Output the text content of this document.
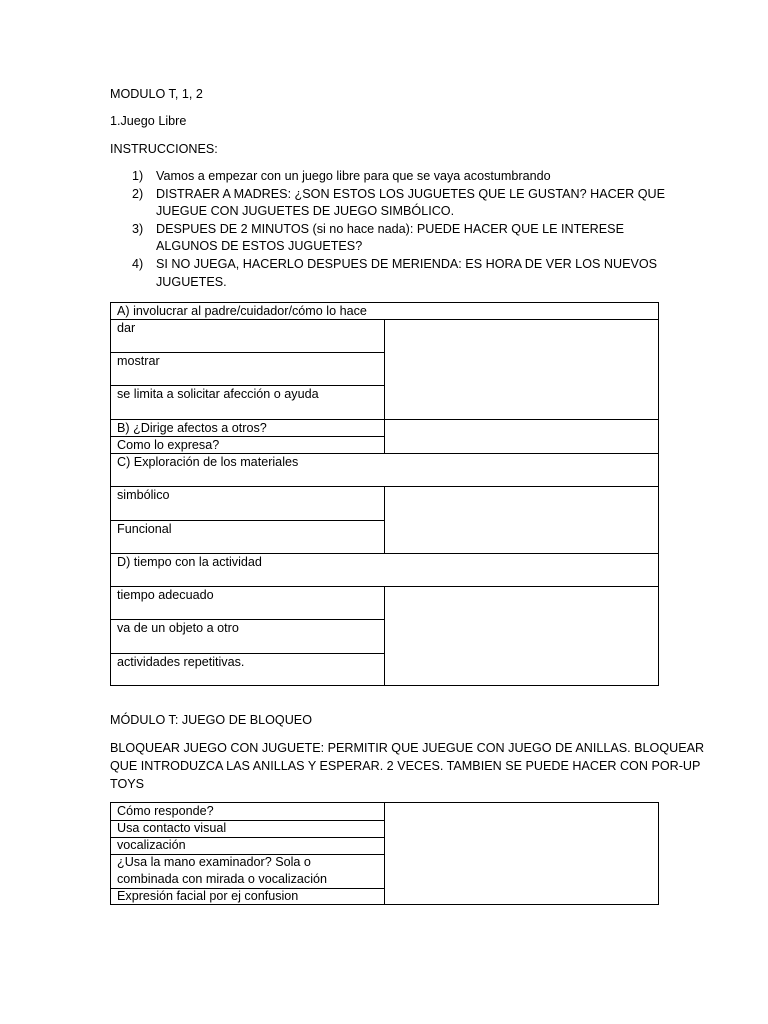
MODULO T, 1, 2
1.Juego Libre
INSTRUCCIONES:
1) Vamos a empezar con un juego libre para que se vaya acostumbrando
2) DISTRAER A MADRES: ¿SON ESTOS LOS JUGUETES QUE LE GUSTAN? HACER QUE JUEGUE CON JUGUETES DE JUEGO SIMBÓLICO.
3) DESPUES DE 2 MINUTOS (si no hace nada): PUEDE HACER QUE LE INTERESE ALGUNOS DE ESTOS JUGUETES?
4) SI NO JUEGA, HACERLO DESPUES DE MERIENDA: ES HORA DE VER LOS NUEVOS JUGUETES.
A) involucrar al padre/cuidador/cómo lo hace
dar
mostrar
se limita a solicitar afección o ayuda
B) ¿Dirige afectos a otros?
Como lo expresa?
C) Exploración de los materiales
simbólico
Funcional
D) tiempo con la actividad
tiempo adecuado
va de un objeto a otro
actividades repetitivas.
MÓDULO T: JUEGO DE BLOQUEO
BLOQUEAR JUEGO CON JUGUETE: PERMITIR QUE JUEGUE CON JUEGO DE ANILLAS. BLOQUEAR
QUE INTRODUZCA LAS ANILLAS Y ESPERAR. 2 VECES. TAMBIEN SE PUEDE HACER CON POR-UP
TOYS
Cómo responde?
Usa contacto visual
vocalización
¿Usa la mano examinador? Sola o
combinada con mirada o vocalización
Expresión facial por ej confusion
